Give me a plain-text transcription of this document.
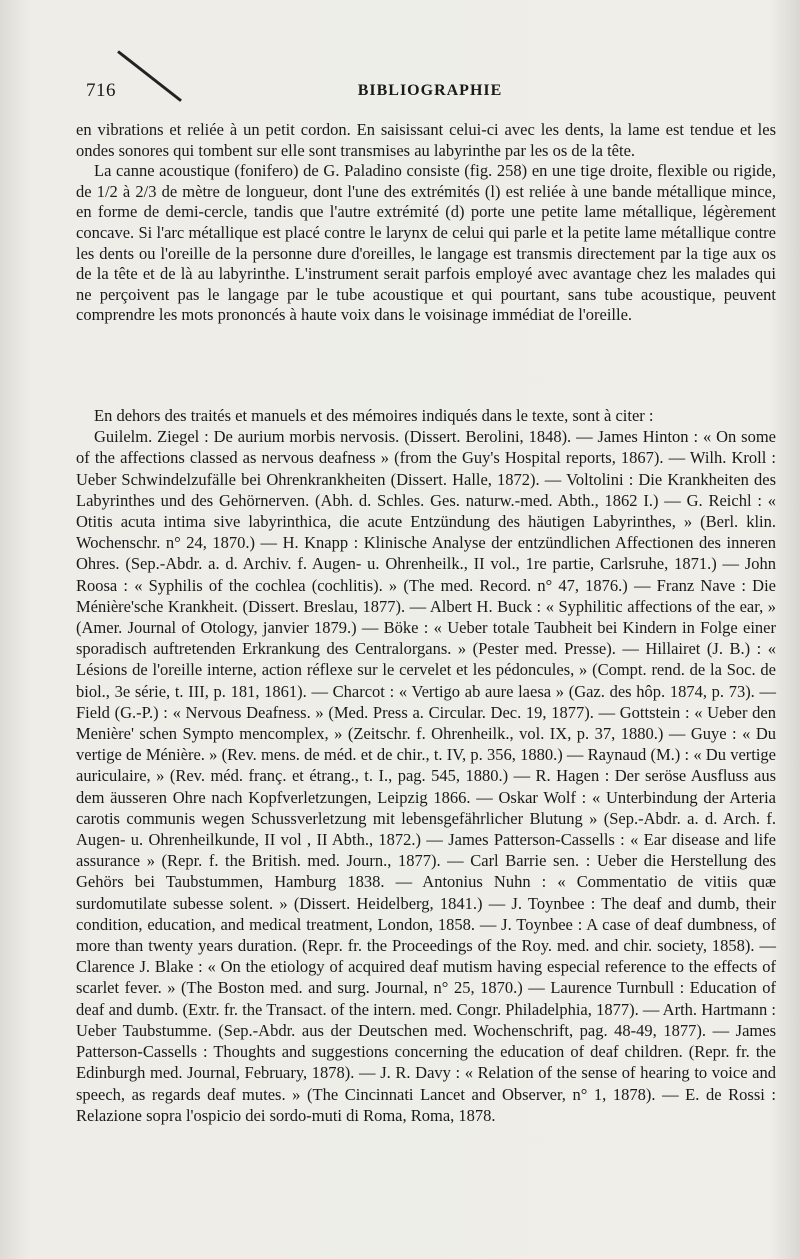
716	BIBLIOGRAPHIE

en vibrations et reliée à un petit cordon. En saisissant celui-ci avec les dents, la lame est tendue et les ondes sonores qui tombent sur elle sont transmises au labyrinthe par les os de la tête.

La canne acoustique (fonifero) de G. Paladino consiste (fig. 258) en une tige droite, flexible ou rigide, de 1/2 à 2/3 de mètre de longueur, dont l'une des extrémités (l) est reliée à une bande métallique mince, en forme de demi-cercle, tandis que l'autre extrémité (d) porte une petite lame métallique, légèrement concave. Si l'arc métallique est placé contre le larynx de celui qui parle et la petite lame métallique contre les dents ou l'oreille de la personne dure d'oreilles, le langage est transmis directement par la tige aux os de la tête et de là au labyrinthe. L'instrument serait parfois employé avec avantage chez les malades qui ne perçoivent pas le langage par le tube acoustique et qui pourtant, sans tube acoustique, peuvent comprendre les mots prononcés à haute voix dans le voisinage immédiat de l'oreille.

En dehors des traités et manuels et des mémoires indiqués dans le texte, sont à citer :

Guilelm. Ziegel : De aurium morbis nervosis. (Dissert. Berolini, 1848). — James Hinton : « On some of the affections classed as nervous deafness » (from the Guy's Hospital reports, 1867). — Wilh. Kroll : Ueber Schwindelzufälle bei Ohrenkrankheiten (Dissert. Halle, 1872). — Voltolini : Die Krankheiten des Labyrinthes und des Gehörnerven. (Abh. d. Schles. Ges. naturw.-med. Abth., 1862 I.) — G. Reichl : « Otitis acuta intima sive labyrinthica, die acute Entzündung des häutigen Labyrinthes, » (Berl. klin. Wochenschr. n° 24, 1870.) — H. Knapp : Klinische Analyse der entzündlichen Affectionen des inneren Ohres. (Sep.-Abdr. a. d. Archiv. f. Augen- u. Ohrenheilk., II vol., 1re partie, Carlsruhe, 1871.) — John Roosa : « Syphilis of the cochlea (cochlitis). » (The med. Record. n° 47, 1876.) — Franz Nave : Die Ménière'sche Krankheit. (Dissert. Breslau, 1877). — Albert H. Buck : « Syphilitic affections of the ear, » (Amer. Journal of Otology, janvier 1879.) — Böke : « Ueber totale Taubheit bei Kindern in Folge einer sporadisch auftretenden Erkrankung des Centralorgans. » (Pester med. Presse). — Hillairet (J. B.) : « Lésions de l'oreille interne, action réflexe sur le cervelet et les pédoncules, » (Compt. rend. de la Soc. de biol., 3e série, t. III, p. 181, 1861). — Charcot : « Vertigo ab aure laesa » (Gaz. des hôp. 1874, p. 73). — Field (G.-P.) : « Nervous Deafness. » (Med. Press a. Circular. Dec. 19, 1877). — Gottstein : « Ueber den Menière' schen Sympto mencomplex, » (Zeitschr. f. Ohrenheilk., vol. IX, p. 37, 1880.) — Guye : « Du vertige de Ménière. » (Rev. mens. de méd. et de chir., t. IV, p. 356, 1880.) — Raynaud (M.) : « Du vertige auriculaire, » (Rev. méd. franç. et étrang., t. I., pag. 545, 1880.) — R. Hagen : Der seröse Ausfluss aus dem äusseren Ohre nach Kopfverletzungen, Leipzig 1866. — Oskar Wolf : « Unterbindung der Arteria carotis communis wegen Schussverletzung mit lebensgefährlicher Blutung » (Sep.-Abdr. a. d. Arch. f. Augen- u. Ohrenheilkunde, II vol , II Abth., 1872.) — James Patterson-Cassells : « Ear disease and life assurance » (Repr. f. the British. med. Journ., 1877). — Carl Barrie sen. : Ueber die Herstellung des Gehörs bei Taubstummen, Hamburg 1838. — Antonius Nuhn : « Commentatio de vitiis quæ surdomutilate subesse solent. » (Dissert. Heidelberg, 1841.) — J. Toynbee : The deaf and dumb, their condition, education, and medical treatment, London, 1858. — J. Toynbee : A case of deaf dumbness, of more than twenty years duration. (Repr. fr. the Proceedings of the Roy. med. and chir. society, 1858). — Clarence J. Blake : « On the etiology of acquired deaf mutism having especial reference to the effects of scarlet fever. » (The Boston med. and surg. Journal, n° 25, 1870.) — Laurence Turnbull : Education of deaf and dumb. (Extr. fr. the Transact. of the intern. med. Congr. Philadelphia, 1877). — Arth. Hartmann : Ueber Taubstumme. (Sep.-Abdr. aus der Deutschen med. Wochenschrift, pag. 48-49, 1877). — James Patterson-Cassells : Thoughts and suggestions concerning the education of deaf children. (Repr. fr. the Edinburgh med. Journal, February, 1878). — J. R. Davy : « Relation of the sense of hearing to voice and speech, as regards deaf mutes. » (The Cincinnati Lancet and Observer, n° 1, 1878). — E. de Rossi : Relazione sopra l'ospicio dei sordo-muti di Roma, Roma, 1878.
